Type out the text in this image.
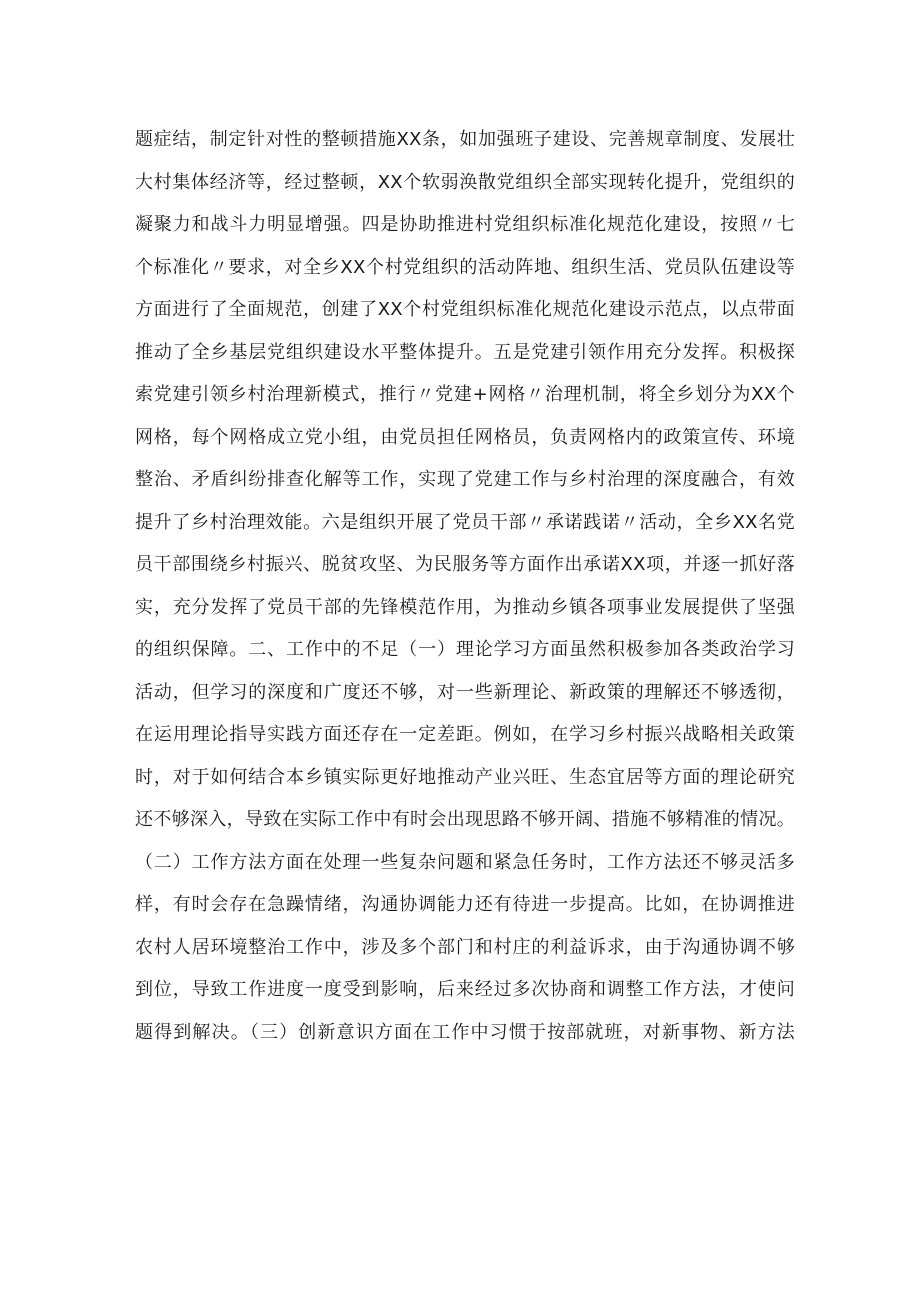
题症结，制定针对性的整顿措施XX条，如加强班子建设、完善规章制度、发展壮
大村集体经济等，经过整顿，XX个软弱涣散党组织全部实现转化提升，党组织的
凝聚力和战斗力明显增强。四是协助推进村党组织标准化规范化建设，按照〃七
个标准化〃要求，对全乡XX个村党组织的活动阵地、组织生活、党员队伍建设等
方面进行了全面规范，创建了XX个村党组织标准化规范化建设示范点，以点带面
推动了全乡基层党组织建设水平整体提升。五是党建引领作用充分发挥。积极探
索党建引领乡村治理新模式，推行〃党建+网格〃治理机制，将全乡划分为XX个
网格，每个网格成立党小组，由党员担任网格员，负责网格内的政策宣传、环境
整治、矛盾纠纷排查化解等工作，实现了党建工作与乡村治理的深度融合，有效
提升了乡村治理效能。六是组织开展了党员干部〃承诺践诺〃活动，全乡XX名党
员干部围绕乡村振兴、脱贫攻坚、为民服务等方面作出承诺XX项，并逐一抓好落
实，充分发挥了党员干部的先锋模范作用，为推动乡镇各项事业发展提供了坚强
的组织保障。二、工作中的不足（一）理论学习方面虽然积极参加各类政治学习
活动，但学习的深度和广度还不够，对一些新理论、新政策的理解还不够透彻，
在运用理论指导实践方面还存在一定差距。例如，在学习乡村振兴战略相关政策
时，对于如何结合本乡镇实际更好地推动产业兴旺、生态宜居等方面的理论研究
还不够深入，导致在实际工作中有时会出现思路不够开阔、措施不够精准的情况。
（二）工作方法方面在处理一些复杂问题和紧急任务时，工作方法还不够灵活多
样，有时会存在急躁情绪，沟通协调能力还有待进一步提高。比如，在协调推进
农村人居环境整治工作中，涉及多个部门和村庄的利益诉求，由于沟通协调不够
到位，导致工作进度一度受到影响，后来经过多次协商和调整工作方法，才使问
题得到解决。（三）创新意识方面在工作中习惯于按部就班，对新事物、新方法
